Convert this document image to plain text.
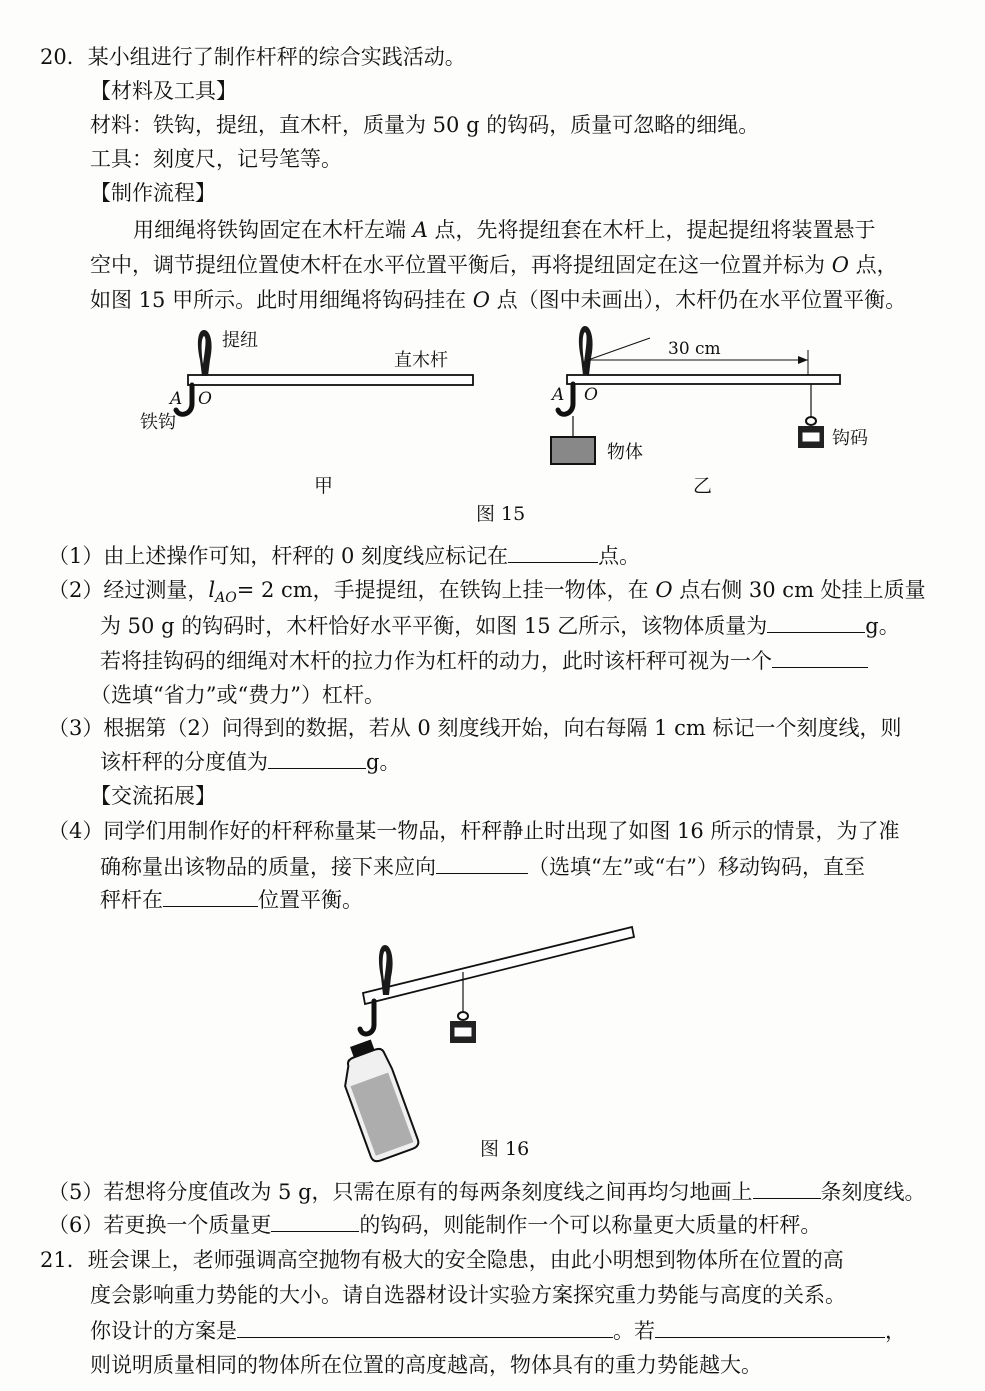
20．某小组进行了制作杆秤的综合实践活动。
【材料及工具】
材料：铁钩，提纽，直木杆，质量为 50 g 的钩码，质量可忽略的细绳。
工具：刻度尺，记号笔等。
【制作流程】
用细绳将铁钩固定在木杆左端 A 点，先将提纽套在木杆上，提起提纽将装置悬于
空中，调节提纽位置使木杆在水平位置平衡后，再将提纽固定在这一位置并标为 O 点，
如图 15 甲所示。此时用细绳将钩码挂在 O 点（图中未画出），木杆仍在水平位置平衡。
提纽
直木杆
A O
铁钩
甲
30 cm
物体
A O
钩码
乙
图 15
（1）由上述操作可知，杆秤的 0 刻度线应标记在	点。
（2）经过测量，$l_{AO}= 2$ cm，手提提纽，在铁钩上挂一物体，在 O 点右侧 30 cm 处挂上质量
为 50 g 的钩码时，木杆恰好水平平衡，如图 15 乙所示，该物体质量为	g。
若将挂钩码的细绳对木杆的拉力作为杠杆的动力，此时该杆秤可视为一个
（选填“省力”或“费力”）杠杆。
（3）根据第（2）问得到的数据，若从 0 刻度线开始，向右每隔 1 cm 标记一个刻度线，则
该杆秤的分度值为	g。
【交流拓展】
（4）同学们用制作好的杆秤称量某一物品，杆秤静止时出现了如图 16 所示的情景，为了准
确称量出该物品的质量，接下来应向	（选填“左”或“右”）移动钩码，直至
秤杆在	位置平衡。
图 16
（5）若想将分度值改为 5 g，只需在原有的每两条刻度线之间再均匀地画上	条刻度线。
（6）若更换一个质量更	的钩码，则能制作一个可以称量更大质量的杆秤。
21．班会课上，老师强调高空抛物有极大的安全隐患，由此小明想到物体所在位置的高
度会影响重力势能的大小。请自选器材设计实验方案探究重力势能与高度的关系。
你设计的方案是	。若	，
则说明质量相同的物体所在位置的高度越高，物体具有的重力势能越大。
